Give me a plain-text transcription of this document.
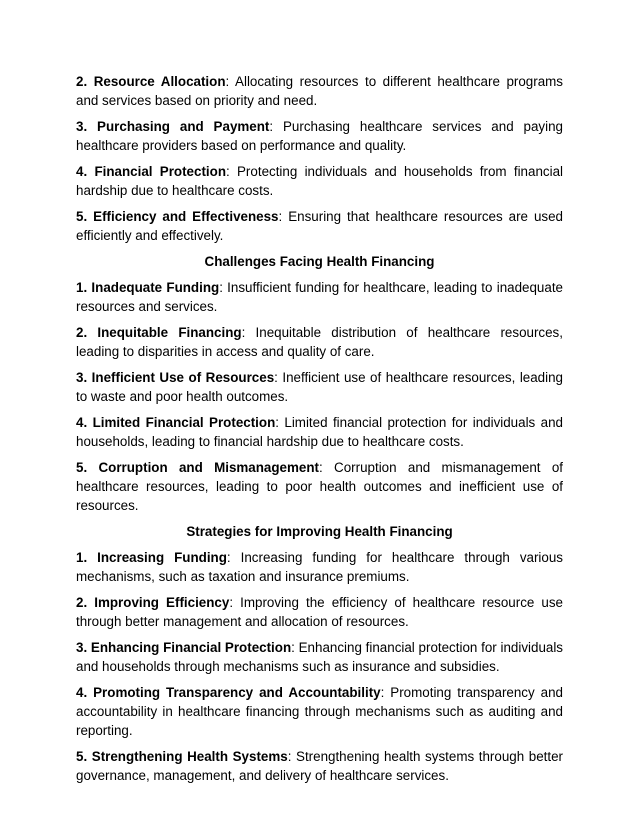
2. Resource Allocation: Allocating resources to different healthcare programs and services based on priority and need.

3. Purchasing and Payment: Purchasing healthcare services and paying healthcare providers based on performance and quality.

4. Financial Protection: Protecting individuals and households from financial hardship due to healthcare costs.

5. Efficiency and Effectiveness: Ensuring that healthcare resources are used efficiently and effectively.

Challenges Facing Health Financing

1. Inadequate Funding: Insufficient funding for healthcare, leading to inadequate resources and services.

2. Inequitable Financing: Inequitable distribution of healthcare resources, leading to disparities in access and quality of care.

3. Inefficient Use of Resources: Inefficient use of healthcare resources, leading to waste and poor health outcomes.

4. Limited Financial Protection: Limited financial protection for individuals and households, leading to financial hardship due to healthcare costs.

5. Corruption and Mismanagement: Corruption and mismanagement of healthcare resources, leading to poor health outcomes and inefficient use of resources.

Strategies for Improving Health Financing

1. Increasing Funding: Increasing funding for healthcare through various mechanisms, such as taxation and insurance premiums.

2. Improving Efficiency: Improving the efficiency of healthcare resource use through better management and allocation of resources.

3. Enhancing Financial Protection: Enhancing financial protection for individuals and households through mechanisms such as insurance and subsidies.

4. Promoting Transparency and Accountability: Promoting transparency and accountability in healthcare financing through mechanisms such as auditing and reporting.

5. Strengthening Health Systems: Strengthening health systems through better governance, management, and delivery of healthcare services.
